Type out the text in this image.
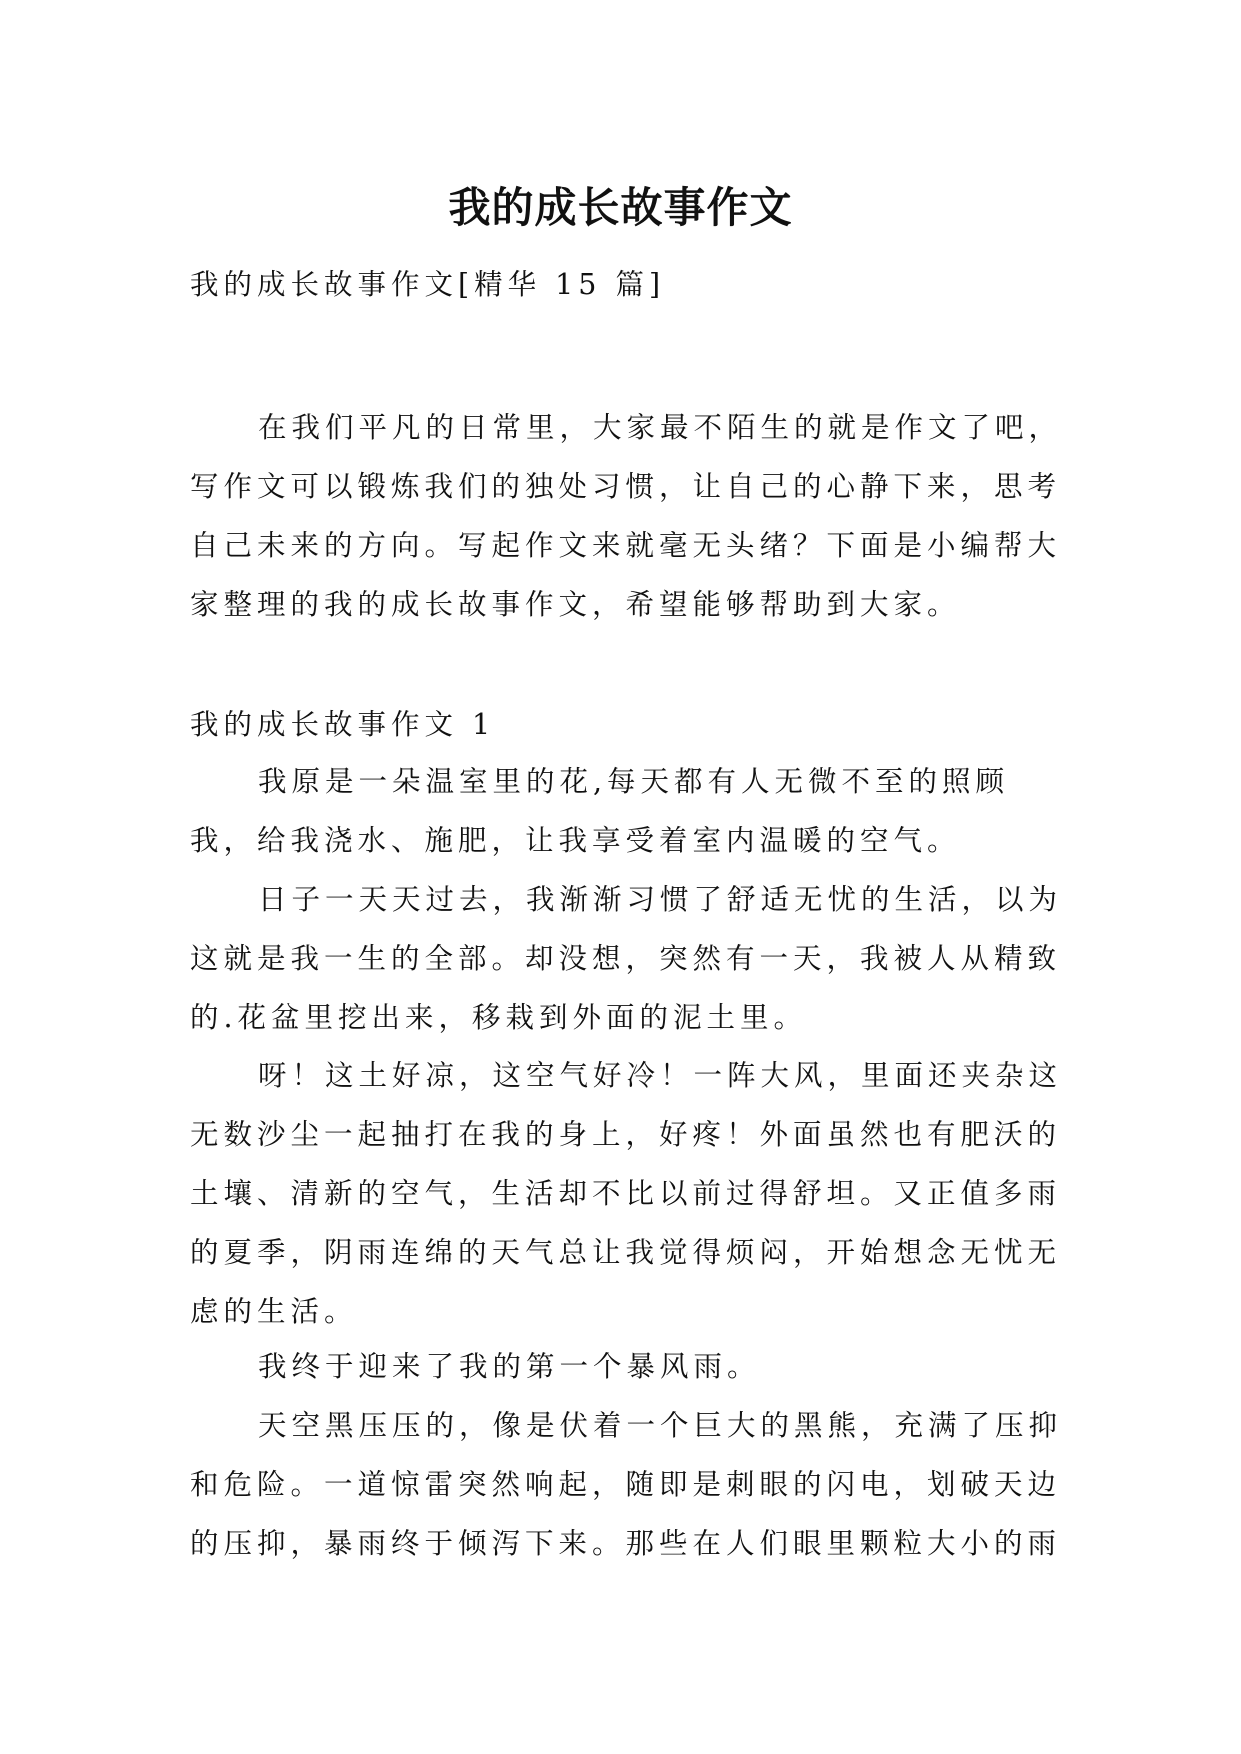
我的成长故事作文

我的成长故事作文[精华 15 篇]

在我们平凡的日常里，大家最不陌生的就是作文了吧，写作文可以锻炼我们的独处习惯，让自己的心静下来，思考自己未来的方向。写起作文来就毫无头绪？下面是小编帮大家整理的我的成长故事作文，希望能够帮助到大家。

我的成长故事作文 1

我原是一朵温室里的花,每天都有人无微不至的照顾我，给我浇水、施肥，让我享受着室内温暖的空气。

日子一天天过去，我渐渐习惯了舒适无忧的生活，以为这就是我一生的全部。却没想，突然有一天，我被人从精致的.花盆里挖出来，移栽到外面的泥土里。

呀！这土好凉，这空气好冷！一阵大风，里面还夹杂这无数沙尘一起抽打在我的身上，好疼！外面虽然也有肥沃的土壤、清新的空气，生活却不比以前过得舒坦。又正值多雨的夏季，阴雨连绵的天气总让我觉得烦闷，开始想念无忧无虑的生活。

我终于迎来了我的第一个暴风雨。

天空黑压压的，像是伏着一个巨大的黑熊，充满了压抑和危险。一道惊雷突然响起，随即是刺眼的闪电，划破天边的压抑，暴雨终于倾泻下来。那些在人们眼里颗粒大小的雨
